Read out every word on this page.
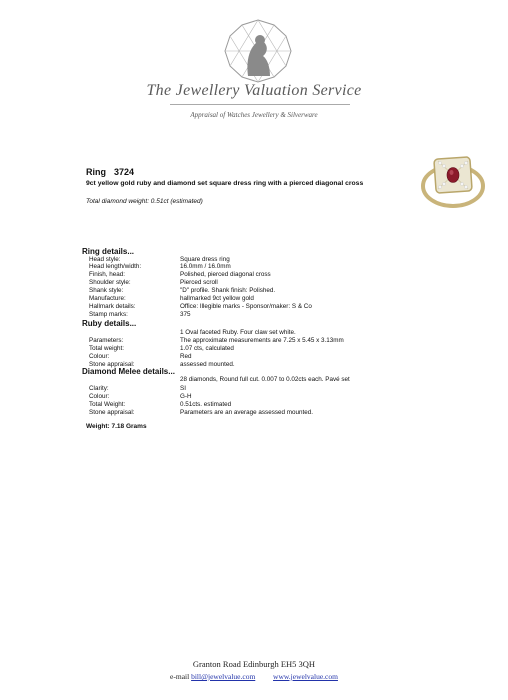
The Jewellery Valuation Service
Appraisal of Watches Jewellery & Silverware
Ring 3724
9ct yellow gold ruby and diamond set square dress ring with a pierced diagonal cross
Total diamond weight: 0.51ct (estimated)
Ring details...
Head style:	Square dress ring
Head length/width:	16.0mm / 16.0mm
Finish, head:	Polished, pierced diagonal cross
Shoulder style:	Pierced scroll
Shank style:	"D" profile. Shank finish: Polished.
Manufacture:	hallmarked 9ct yellow gold
Hallmark details:	Office: Illegible marks - Sponsor/maker: S & Co
Stamp marks:	375
Ruby details...
1 Oval faceted Ruby. Four claw set white.
Parameters:	The approximate measurements are 7.25 x 5.45 x 3.13mm
Total weight:	1.07 cts, calculated
Colour:	Red
Stone appraisal:	assessed mounted.
Diamond Melee details...
28 diamonds, Round full cut. 0.007 to 0.02cts each. Pavé set
Clarity:	SI
Colour:	G-H
Total Weight:	0.51cts. estimated
Stone appraisal:	Parameters are an average assessed mounted.
Weight: 7.18 Grams
Granton Road Edinburgh EH5 3QH
e-mail bill@jewelvalue.com www.jewelvalue.com
